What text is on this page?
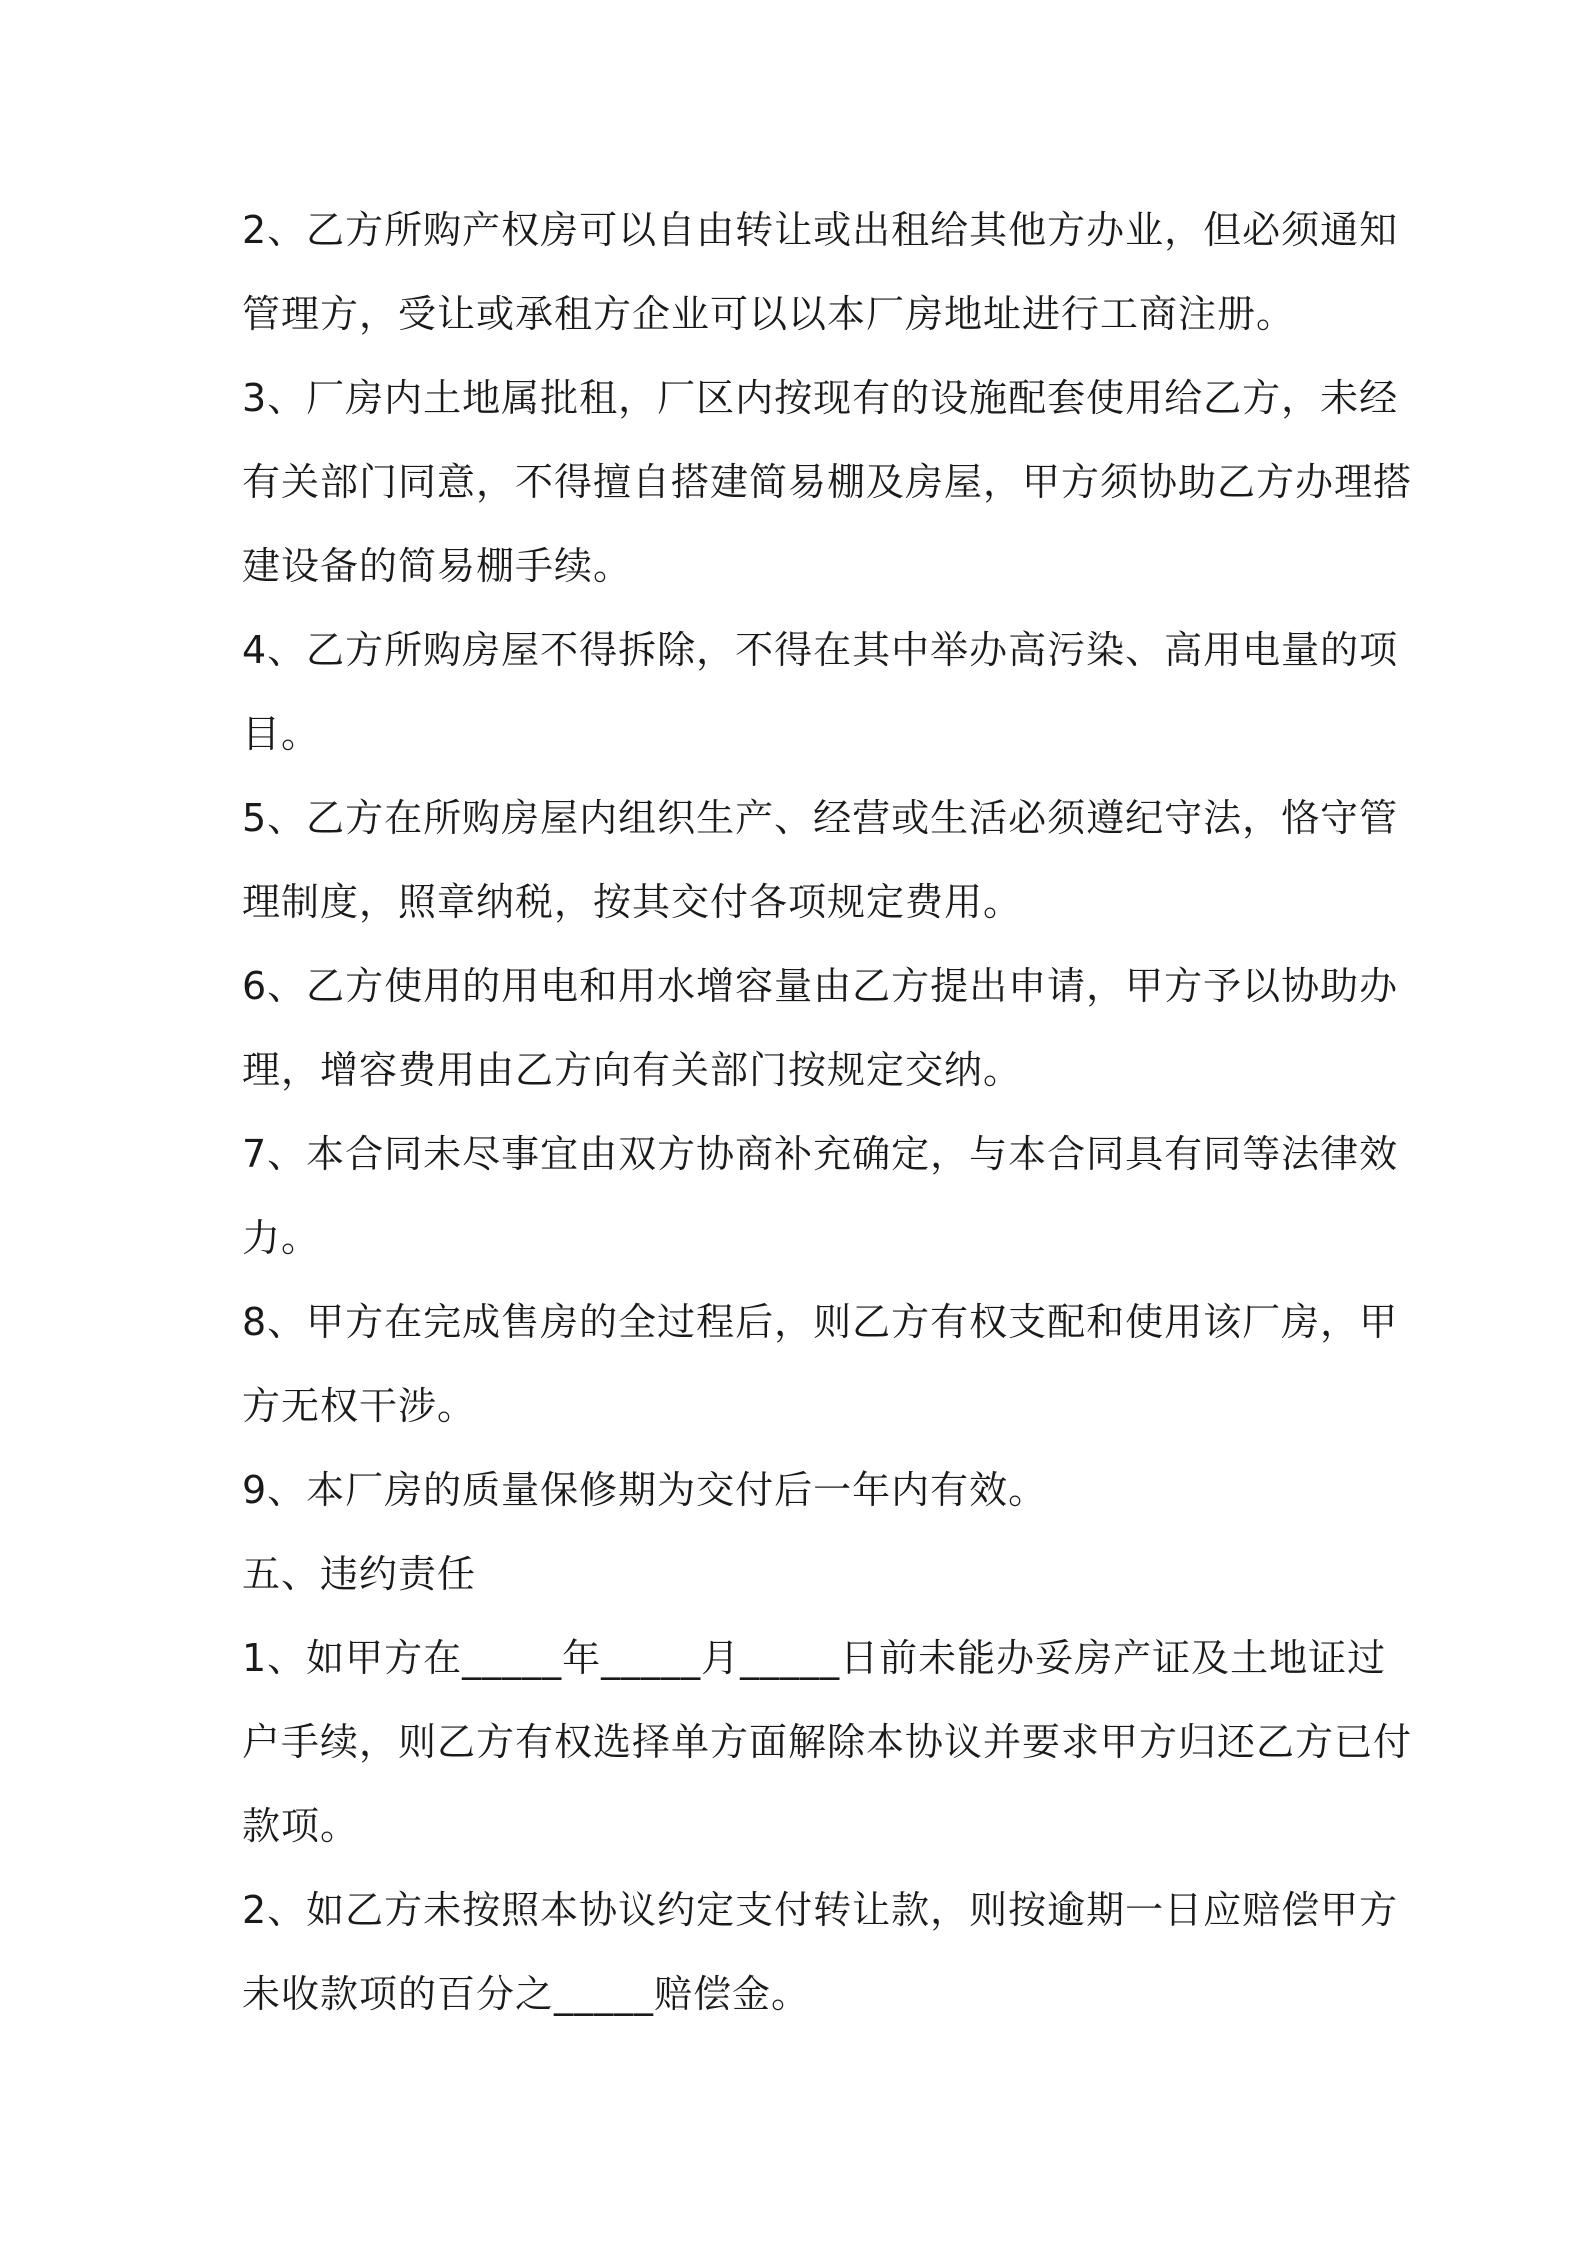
2、乙方所购产权房可以自由转让或出租给其他方办业，但必须通知
管理方，受让或承租方企业可以以本厂房地址进行工商注册。
3、厂房内土地属批租，厂区内按现有的设施配套使用给乙方，未经
有关部门同意，不得擅自搭建简易棚及房屋，甲方须协助乙方办理搭
建设备的简易棚手续。
4、乙方所购房屋不得拆除，不得在其中举办高污染、高用电量的项
目。
5、乙方在所购房屋内组织生产、经营或生活必须遵纪守法，恪守管
理制度，照章纳税，按其交付各项规定费用。
6、乙方使用的用电和用水增容量由乙方提出申请，甲方予以协助办
理，增容费用由乙方向有关部门按规定交纳。
7、本合同未尽事宜由双方协商补充确定，与本合同具有同等法律效
力。
8、甲方在完成售房的全过程后，则乙方有权支配和使用该厂房，甲
方无权干涉。
9、本厂房的质量保修期为交付后一年内有效。
五、违约责任
1、如甲方在_____年_____月_____日前未能办妥房产证及土地证过
户手续，则乙方有权选择单方面解除本协议并要求甲方归还乙方已付
款项。
2、如乙方未按照本协议约定支付转让款，则按逾期一日应赔偿甲方
未收款项的百分之_____赔偿金。
